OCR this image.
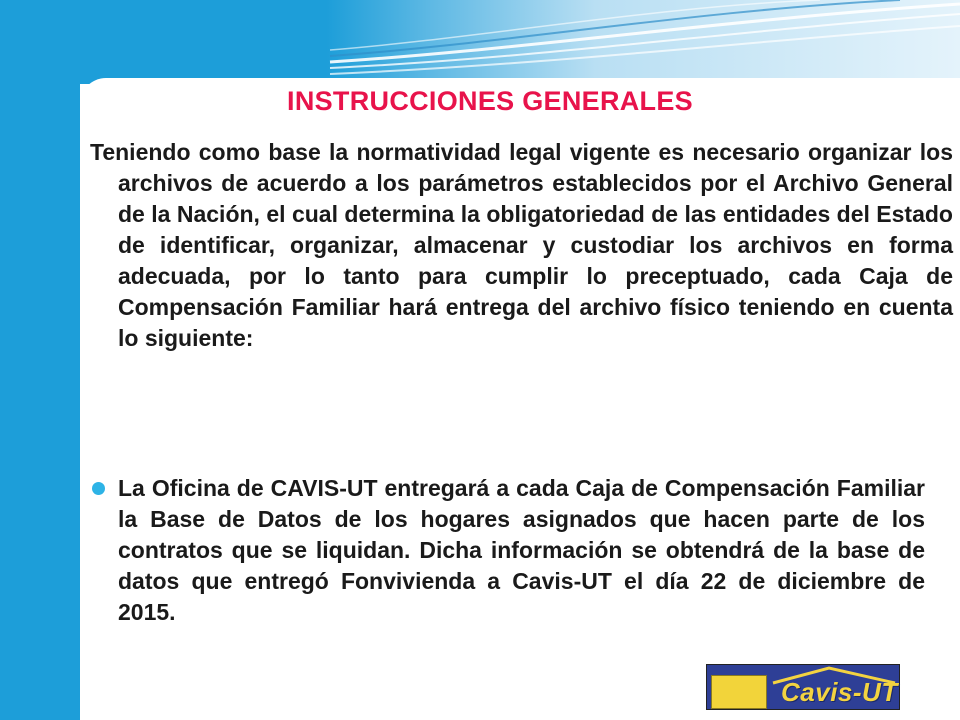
INSTRUCCIONES GENERALES
Teniendo como base la normatividad legal vigente es necesario organizar los archivos de acuerdo a los parámetros establecidos por el Archivo General de la Nación, el cual determina la obligatoriedad de las entidades del Estado de identificar, organizar, almacenar y custodiar los archivos en forma adecuada, por lo tanto para cumplir lo preceptuado, cada Caja de Compensación Familiar hará entrega del archivo físico teniendo en cuenta lo siguiente:
La Oficina de CAVIS-UT entregará a cada Caja de Compensación Familiar la Base de Datos de los hogares asignados que hacen parte de los contratos que se liquidan. Dicha información se obtendrá de la base de datos que entregó Fonvivienda a Cavis-UT el día 22 de diciembre de 2015.
Cavis-UT
